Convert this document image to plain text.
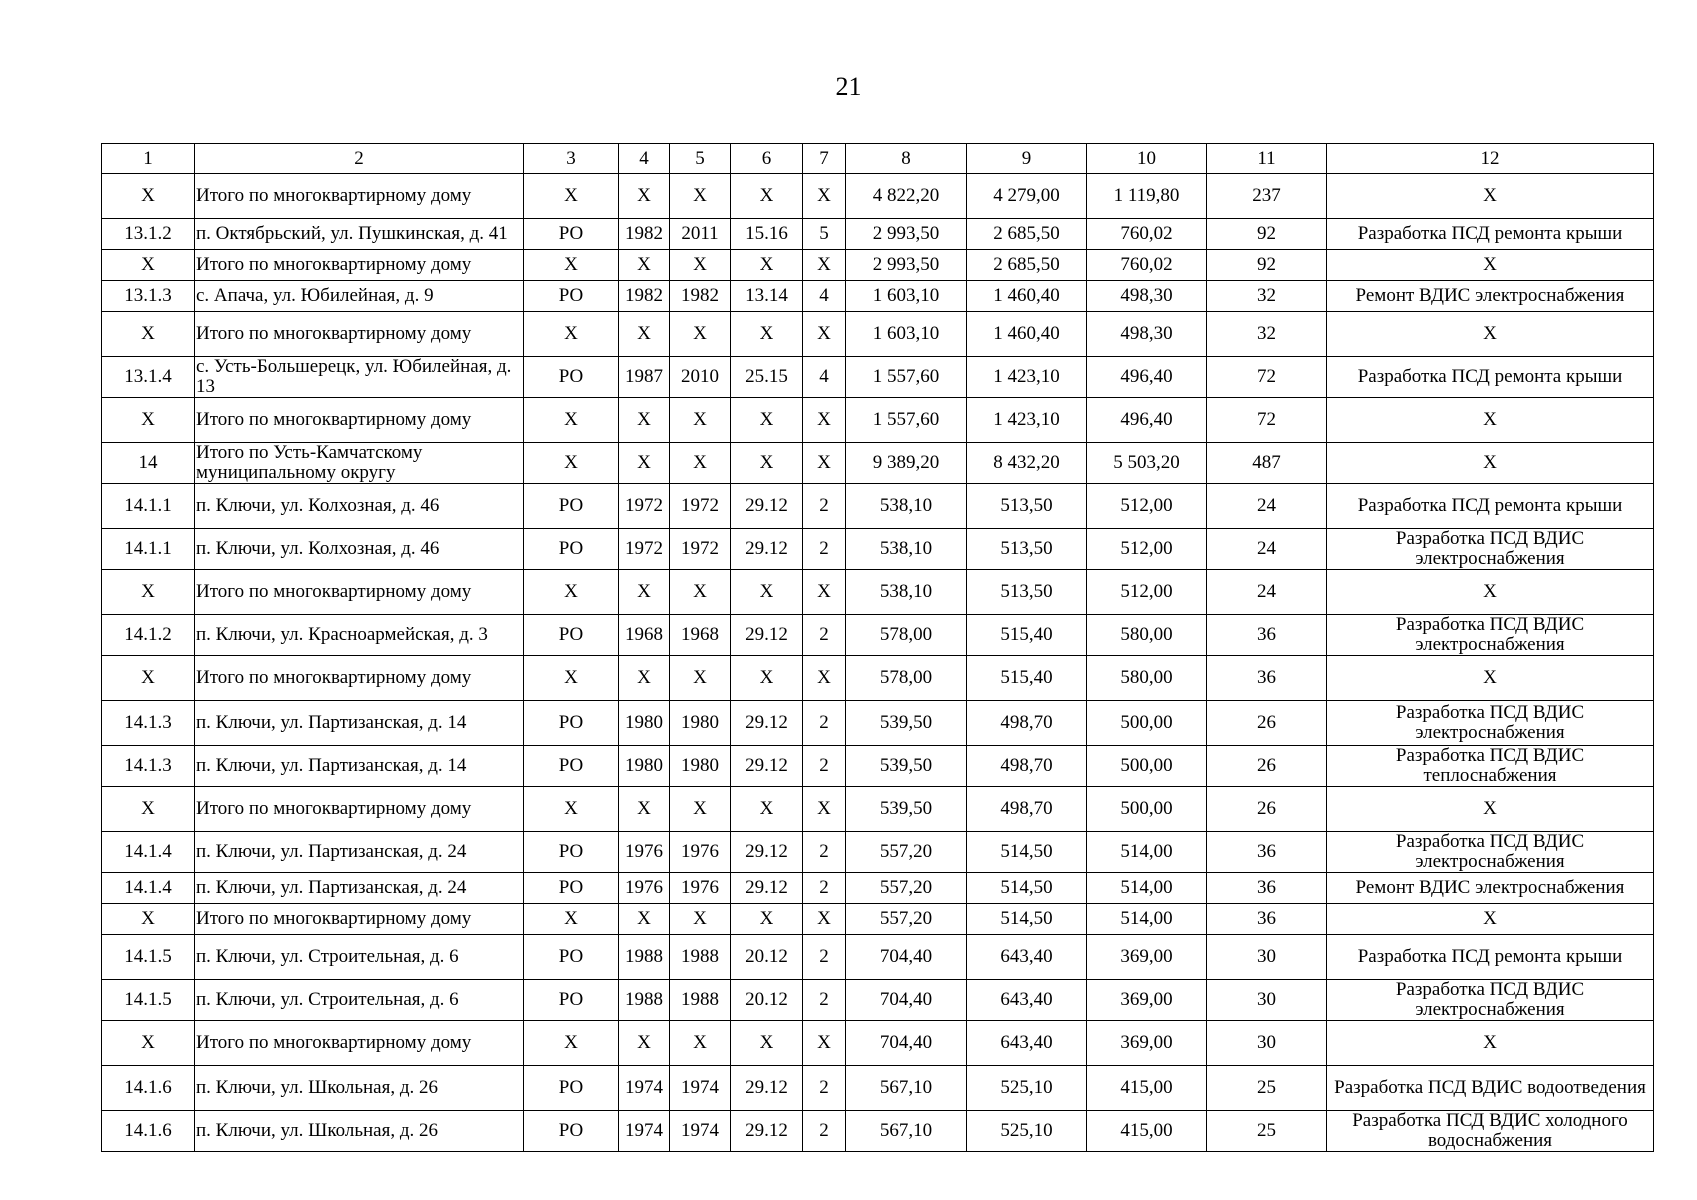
21
1	2	3	4	5	6	7	8	9	10	11	12
X	Итого по многоквартирному дому	X	X	X	X	X	4 822,20	4 279,00	1 119,80	237	X
13.1.2	п. Октябрьский, ул. Пушкинская, д. 41	РО	1982	2011	15.16	5	2 993,50	2 685,50	760,02	92	Разработка ПСД ремонта крыши
X	Итого по многоквартирному дому	X	X	X	X	X	2 993,50	2 685,50	760,02	92	X
13.1.3	с. Апача, ул. Юбилейная, д. 9	РО	1982	1982	13.14	4	1 603,10	1 460,40	498,30	32	Ремонт ВДИС электроснабжения
X	Итого по многоквартирному дому	X	X	X	X	X	1 603,10	1 460,40	498,30	32	X
13.1.4	с. Усть-Большерецк, ул. Юбилейная, д. 13	РО	1987	2010	25.15	4	1 557,60	1 423,10	496,40	72	Разработка ПСД ремонта крыши
X	Итого по многоквартирному дому	X	X	X	X	X	1 557,60	1 423,10	496,40	72	X
14	Итого по Усть-Камчатскому муниципальному округу	X	X	X	X	X	9 389,20	8 432,20	5 503,20	487	X
14.1.1	п. Ключи, ул. Колхозная, д. 46	РО	1972	1972	29.12	2	538,10	513,50	512,00	24	Разработка ПСД ремонта крыши
14.1.1	п. Ключи, ул. Колхозная, д. 46	РО	1972	1972	29.12	2	538,10	513,50	512,00	24	Разработка ПСД ВДИС электроснабжения
X	Итого по многоквартирному дому	X	X	X	X	X	538,10	513,50	512,00	24	X
14.1.2	п. Ключи, ул. Красноармейская, д. 3	РО	1968	1968	29.12	2	578,00	515,40	580,00	36	Разработка ПСД ВДИС электроснабжения
X	Итого по многоквартирному дому	X	X	X	X	X	578,00	515,40	580,00	36	X
14.1.3	п. Ключи, ул. Партизанская, д. 14	РО	1980	1980	29.12	2	539,50	498,70	500,00	26	Разработка ПСД ВДИС электроснабжения
14.1.3	п. Ключи, ул. Партизанская, д. 14	РО	1980	1980	29.12	2	539,50	498,70	500,00	26	Разработка ПСД ВДИС теплоснабжения
X	Итого по многоквартирному дому	X	X	X	X	X	539,50	498,70	500,00	26	X
14.1.4	п. Ключи, ул. Партизанская, д. 24	РО	1976	1976	29.12	2	557,20	514,50	514,00	36	Разработка ПСД ВДИС электроснабжения
14.1.4	п. Ключи, ул. Партизанская, д. 24	РО	1976	1976	29.12	2	557,20	514,50	514,00	36	Ремонт ВДИС электроснабжения
X	Итого по многоквартирному дому	X	X	X	X	X	557,20	514,50	514,00	36	X
14.1.5	п. Ключи, ул. Строительная, д. 6	РО	1988	1988	20.12	2	704,40	643,40	369,00	30	Разработка ПСД ремонта крыши
14.1.5	п. Ключи, ул. Строительная, д. 6	РО	1988	1988	20.12	2	704,40	643,40	369,00	30	Разработка ПСД ВДИС электроснабжения
X	Итого по многоквартирному дому	X	X	X	X	X	704,40	643,40	369,00	30	X
14.1.6	п. Ключи, ул. Школьная, д. 26	РО	1974	1974	29.12	2	567,10	525,10	415,00	25	Разработка ПСД ВДИС водоотведения
14.1.6	п. Ключи, ул. Школьная, д. 26	РО	1974	1974	29.12	2	567,10	525,10	415,00	25	Разработка ПСД ВДИС холодного водоснабжения
